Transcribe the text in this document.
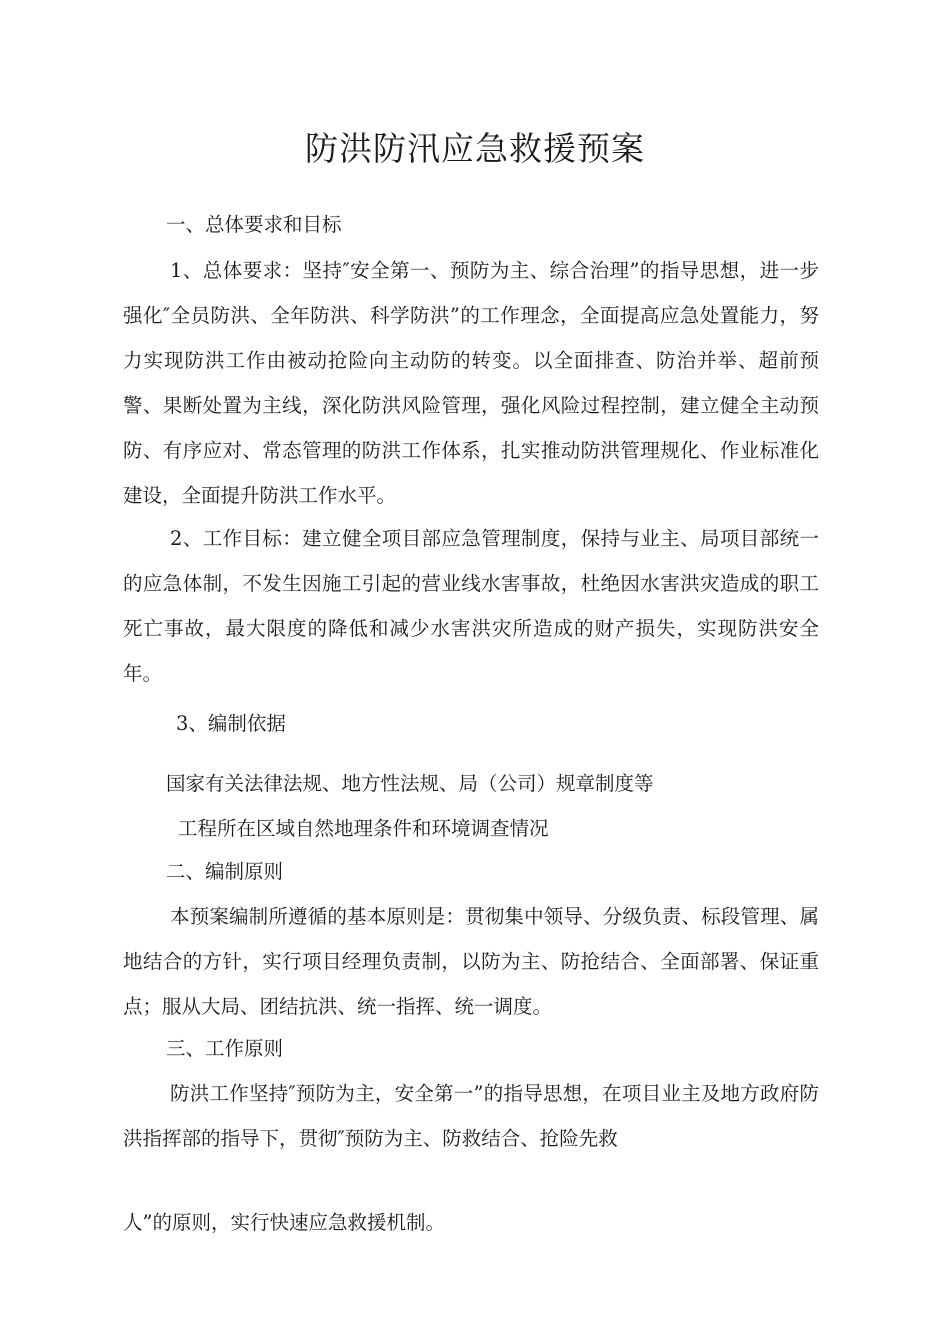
防洪防汛应急救援预案

一、总体要求和目标

1、总体要求：坚持″安全第一、预防为主、综合治理”的指导思想，进一步强化″全员防洪、全年防洪、科学防洪”的工作理念，全面提高应急处置能力，努力实现防洪工作由被动抢险向主动防的转变。以全面排查、防治并举、超前预警、果断处置为主线，深化防洪风险管理，强化风险过程控制，建立健全主动预防、有序应对、常态管理的防洪工作体系，扎实推动防洪管理规化、作业标准化建设，全面提升防洪工作水平。

2、工作目标：建立健全项目部应急管理制度，保持与业主、局项目部统一的应急体制，不发生因施工引起的营业线水害事故，杜绝因水害洪灾造成的职工死亡事故，最大限度的降低和减少水害洪灾所造成的财产损失，实现防洪安全年。

3、编制依据

国家有关法律法规、地方性法规、局（公司）规章制度等

工程所在区域自然地理条件和环境调查情况

二、编制原则

本预案编制所遵循的基本原则是：贯彻集中领导、分级负责、标段管理、属地结合的方针，实行项目经理负责制，以防为主、防抢结合、全面部署、保证重点；服从大局、团结抗洪、统一指挥、统一调度。

三、工作原则

防洪工作坚持″预防为主，安全第一”的指导思想，在项目业主及地方政府防洪指挥部的指导下，贯彻″预防为主、防救结合、抢险先救

人”的原则，实行快速应急救援机制。
